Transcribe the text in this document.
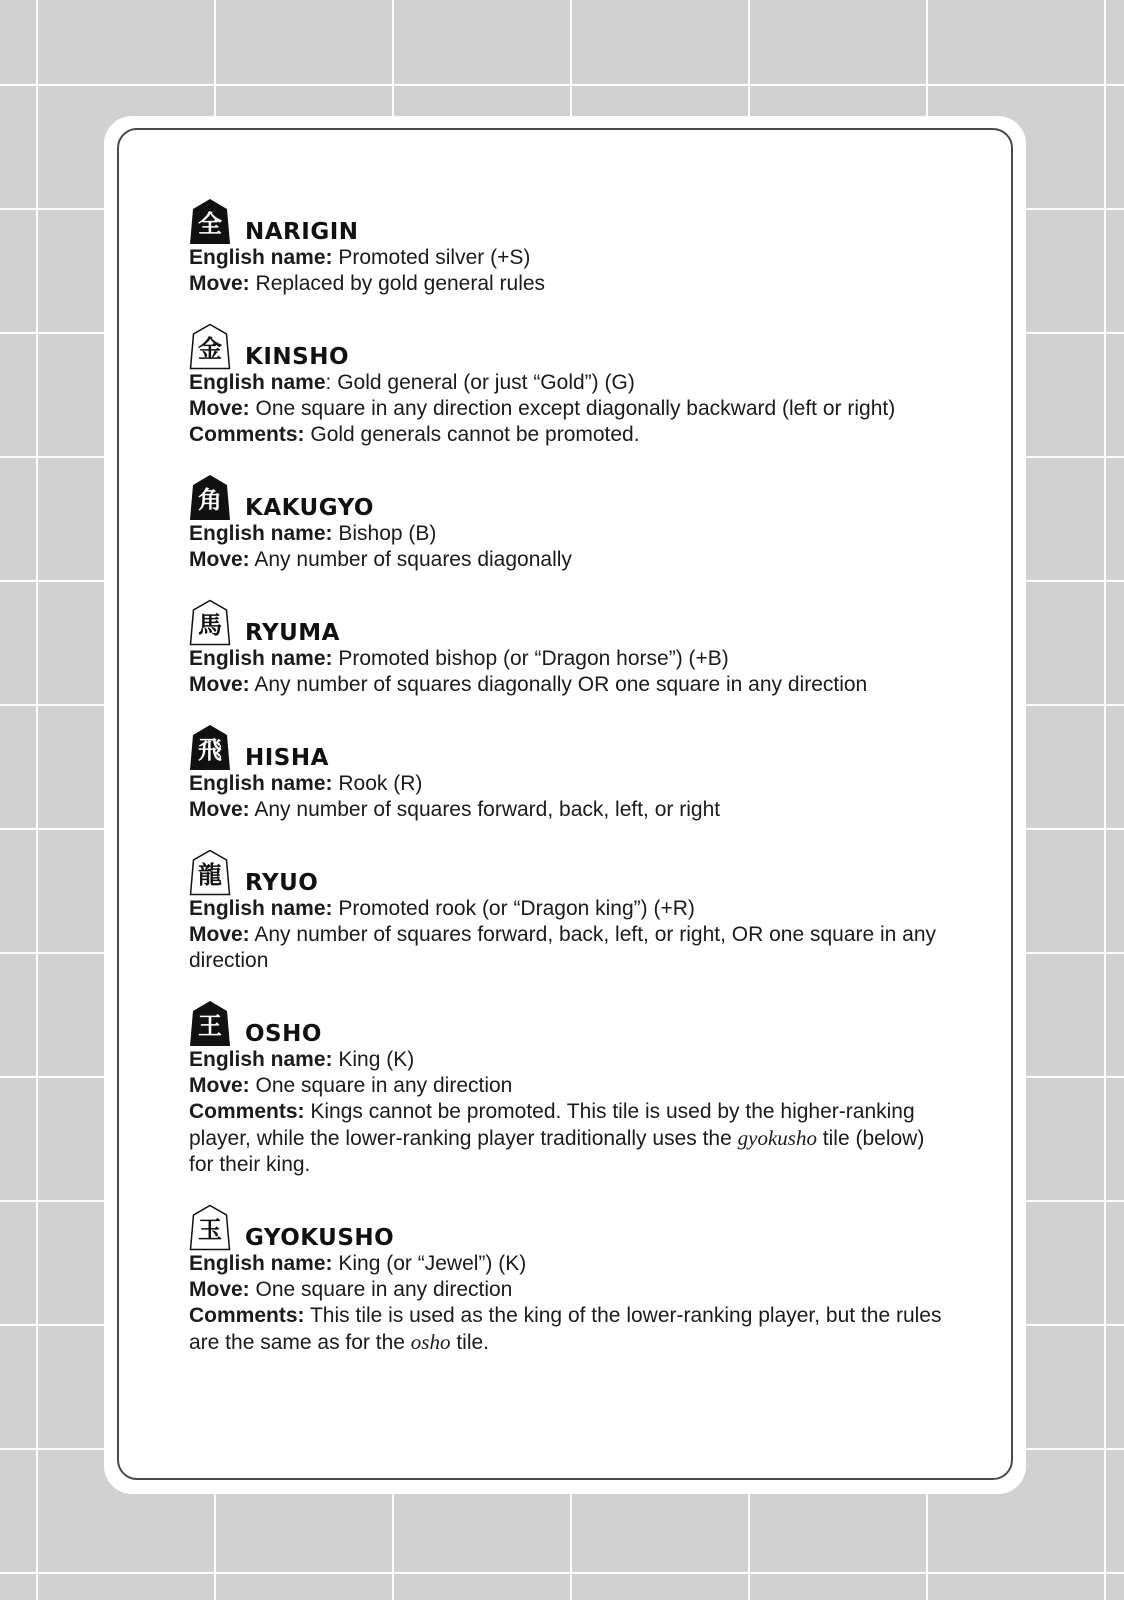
全	NARIGIN

English name: Promoted silver (+S)

Move: Replaced by gold general rules

金	KINSHO

English name: Gold general (or just “Gold”) (G)

Move: One square in any direction except diagonally backward (left or right)

Comments: Gold generals cannot be promoted.

角	KAKUGYO

English name: Bishop (B)

Move: Any number of squares diagonally

馬	RYUMA

English name: Promoted bishop (or “Dragon horse”) (+B)

Move: Any number of squares diagonally OR one square in any direction

飛	HISHA

English name: Rook (R)

Move: Any number of squares forward, back, left, or right

龍	RYUO

English name: Promoted rook (or “Dragon king”) (+R)

Move: Any number of squares forward, back, left, or right, OR one square in any direction

王	OSHO

English name: King (K)

Move: One square in any direction

Comments: Kings cannot be promoted. This tile is used by the higher-ranking player, while the lower-ranking player traditionally uses the gyokusho tile (below) for their king.

玉	GYOKUSHO

English name: King (or “Jewel”) (K)

Move: One square in any direction

Comments: This tile is used as the king of the lower-ranking player, but the rules are the same as for the osho tile.
